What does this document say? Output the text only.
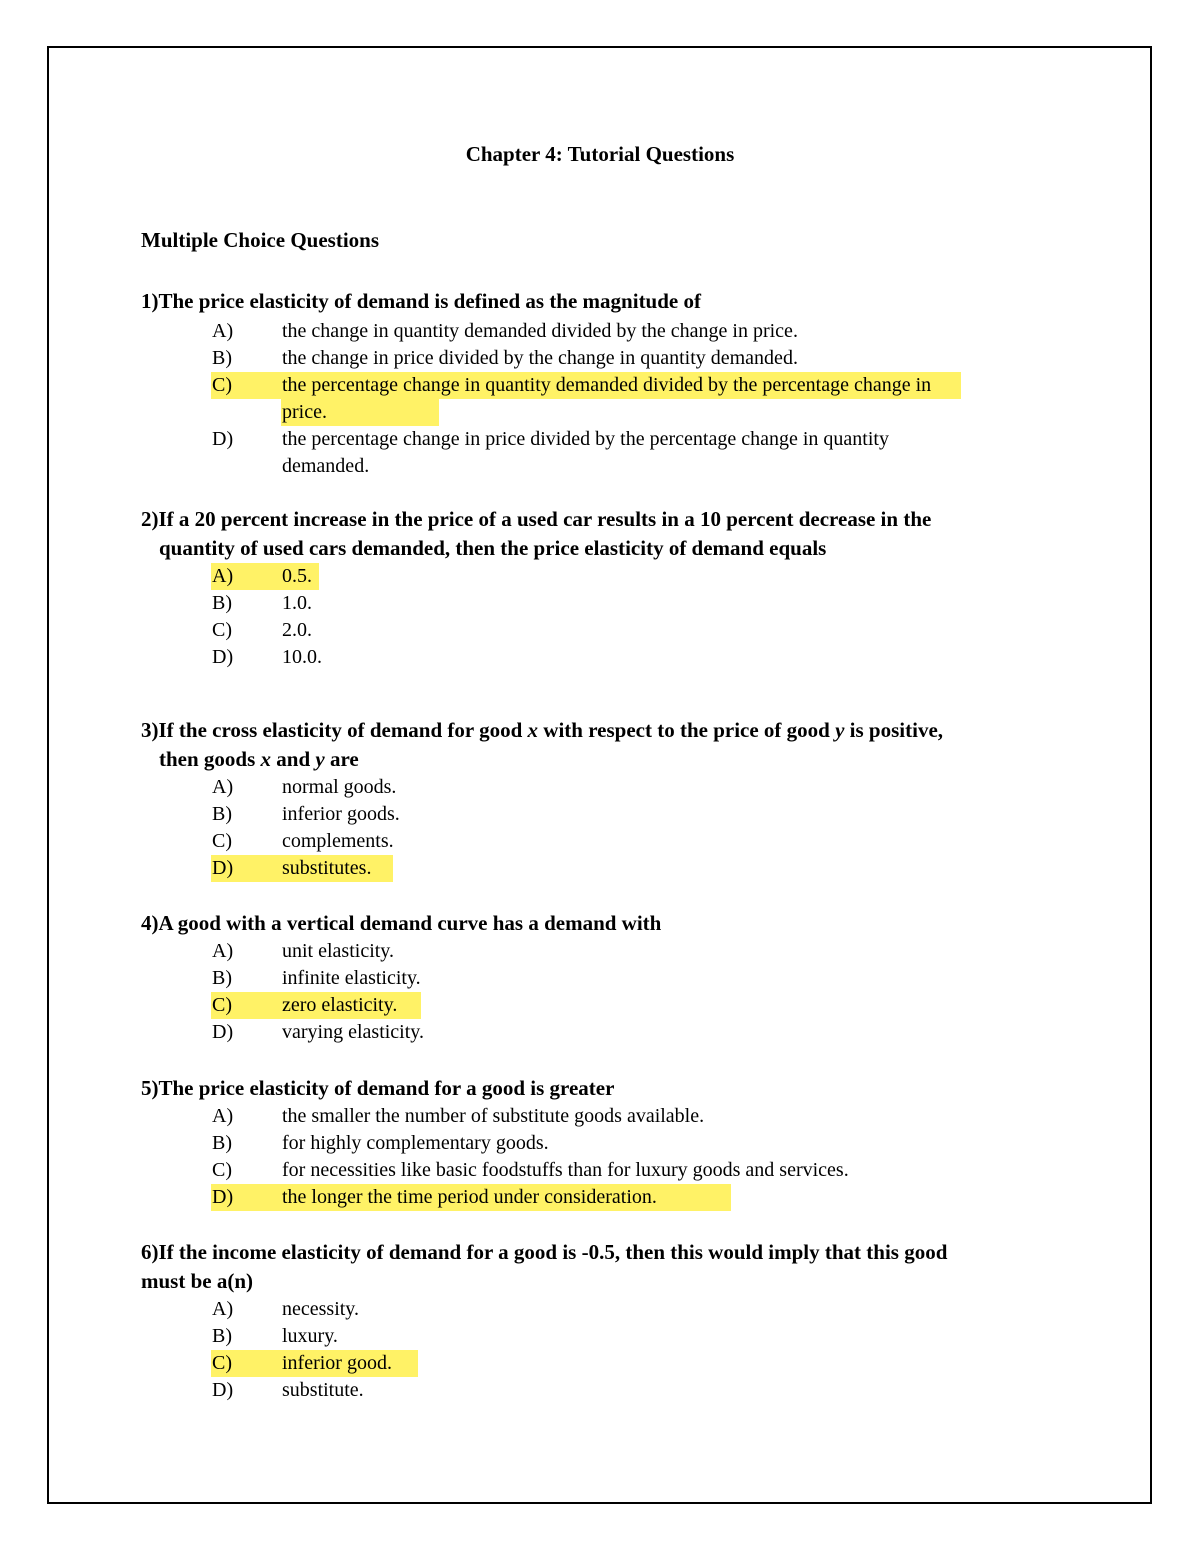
Chapter 4: Tutorial Questions
Multiple Choice Questions
1)The price elasticity of demand is defined as the magnitude of
A) the change in quantity demanded divided by the change in price.
B)	the change in price divided by the change in quantity demanded.
C)	the percentage change in quantity demanded divided by the percentage change in price.
D) the percentage change in price divided by the percentage change in quantity demanded.
2)If a 20 percent increase in the price of a used car results in a 10 percent decrease in the
quantity of used cars demanded, then the price elasticity of demand equals
A) 0.5.
B)	1.0.
C)	2.0.
D) 10.0.
3)If the cross elasticity of demand for good x with respect to the price of good y is positive,
then goods x and y are
A) normal goods.
B)	inferior goods.
C)	complements.
D) substitutes.
4)A good with a vertical demand curve has a demand with
A) unit elasticity.
B)	infinite elasticity.
C)	zero elasticity.
D) varying elasticity.
5)The price elasticity of demand for a good is greater
A) the smaller the number of substitute goods available.
B)	for highly complementary goods.
C)	for necessities like basic foodstuffs than for luxury goods and services.
D) the longer the time period under consideration.
6)If the income elasticity of demand for a good is -0.5, then this would imply that this good
must be a(n)
A) necessity.
B)	luxury.
C)	inferior good.
D) substitute.
